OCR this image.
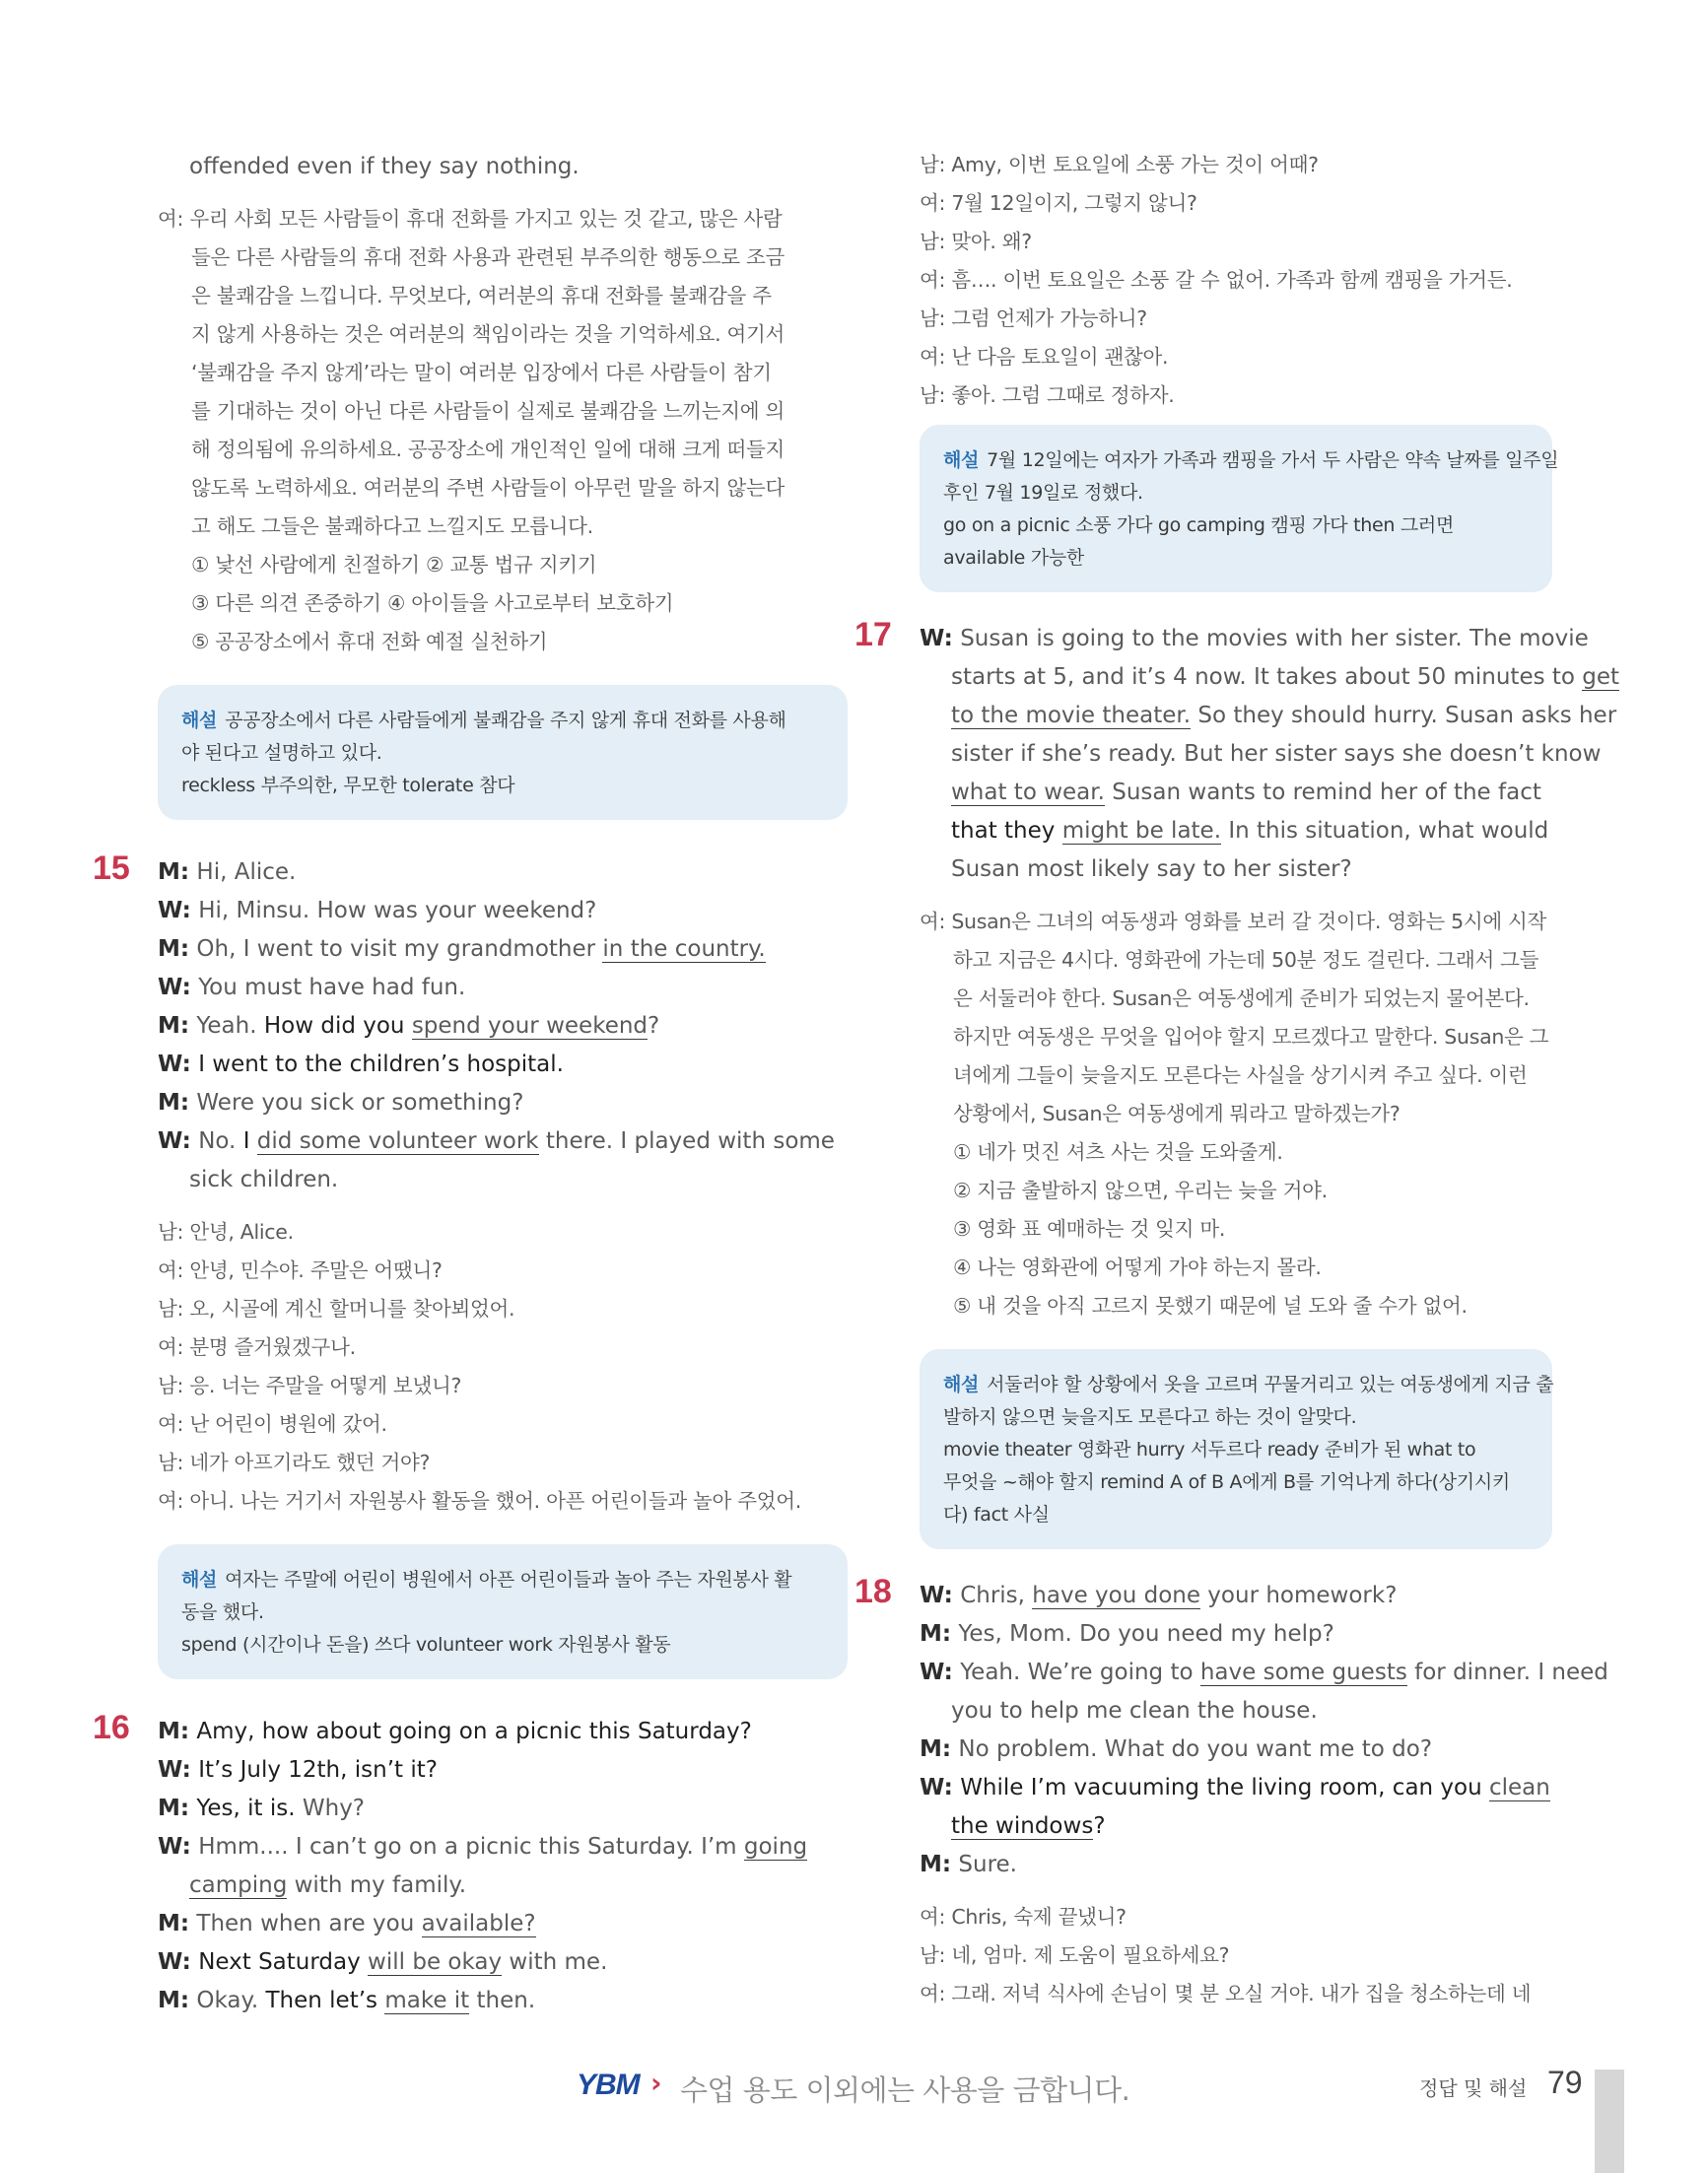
offended even if they say nothing.
여: 우리 사회 모든 사람들이 휴대 전화를 가지고 있는 것 같고, 많은 사람
들은 다른 사람들의 휴대 전화 사용과 관련된 부주의한 행동으로 조금
은 불쾌감을 느낍니다. 무엇보다, 여러분의 휴대 전화를 불쾌감을 주
지 않게 사용하는 것은 여러분의 책임이라는 것을 기억하세요. 여기서
‘불쾌감을 주지 않게’라는 말이 여러분 입장에서 다른 사람들이 참기
를 기대하는 것이 아닌 다른 사람들이 실제로 불쾌감을 느끼는지에 의
해 정의됨에 유의하세요. 공공장소에 개인적인 일에 대해 크게 떠들지
않도록 노력하세요. 여러분의 주변 사람들이 아무런 말을 하지 않는다
고 해도 그들은 불쾌하다고 느낄지도 모릅니다.
① 낯선 사람에게 친절하기 ② 교통 법규 지키기
③ 다른 의견 존중하기 ④ 아이들을 사고로부터 보호하기
⑤ 공공장소에서 휴대 전화 예절 실천하기
해설 공공장소에서 다른 사람들에게 불쾌감을 주지 않게 휴대 전화를 사용해
야 된다고 설명하고 있다.
reckless 부주의한, 무모한 tolerate 참다
15 M: Hi, Alice.
W: Hi, Minsu. How was your weekend?
M: Oh, I went to visit my grandmother in the country.
W: You must have had fun.
M: Yeah. How did you spend your weekend?
W: I went to the children’s hospital.
M: Were you sick or something?
W: No. I did some volunteer work there. I played with some
sick children.
남: 안녕, Alice.
여: 안녕, 민수야. 주말은 어땠니?
남: 오, 시골에 계신 할머니를 찾아뵈었어.
여: 분명 즐거웠겠구나.
남: 응. 너는 주말을 어떻게 보냈니?
여: 난 어린이 병원에 갔어.
남: 네가 아프기라도 했던 거야?
여: 아니. 나는 거기서 자원봉사 활동을 했어. 아픈 어린이들과 놀아 주었어.
해설 여자는 주말에 어린이 병원에서 아픈 어린이들과 놀아 주는 자원봉사 활
동을 했다.
spend (시간이나 돈을) 쓰다 volunteer work 자원봉사 활동
16 M: Amy, how about going on a picnic this Saturday?
W: It’s July 12th, isn’t it?
M: Yes, it is. Why?
W: Hmm.... I can’t go on a picnic this Saturday. I’m going
camping with my family.
M: Then when are you available?
W: Next Saturday will be okay with me.
M: Okay. Then let’s make it then.
남: Amy, 이번 토요일에 소풍 가는 것이 어때?
여: 7월 12일이지, 그렇지 않니?
남: 맞아. 왜?
여: 흠…. 이번 토요일은 소풍 갈 수 없어. 가족과 함께 캠핑을 가거든.
남: 그럼 언제가 가능하니?
여: 난 다음 토요일이 괜찮아.
남: 좋아. 그럼 그때로 정하자.
해설 7월 12일에는 여자가 가족과 캠핑을 가서 두 사람은 약속 날짜를 일주일
후인 7월 19일로 정했다.
go on a picnic 소풍 가다 go camping 캠핑 가다 then 그러면
available 가능한
17 W: Susan is going to the movies with her sister. The movie
starts at 5, and it’s 4 now. It takes about 50 minutes to get
to the movie theater. So they should hurry. Susan asks her
sister if she’s ready. But her sister says she doesn’t know
what to wear. Susan wants to remind her of the fact
that they might be late. In this situation, what would
Susan most likely say to her sister?
여: Susan은 그녀의 여동생과 영화를 보러 갈 것이다. 영화는 5시에 시작
하고 지금은 4시다. 영화관에 가는데 50분 정도 걸린다. 그래서 그들
은 서둘러야 한다. Susan은 여동생에게 준비가 되었는지 물어본다.
하지만 여동생은 무엇을 입어야 할지 모르겠다고 말한다. Susan은 그
녀에게 그들이 늦을지도 모른다는 사실을 상기시켜 주고 싶다. 이런
상황에서, Susan은 여동생에게 뭐라고 말하겠는가?
① 네가 멋진 셔츠 사는 것을 도와줄게.
② 지금 출발하지 않으면, 우리는 늦을 거야.
③ 영화 표 예매하는 것 잊지 마.
④ 나는 영화관에 어떻게 가야 하는지 몰라.
⑤ 내 것을 아직 고르지 못했기 때문에 널 도와 줄 수가 없어.
해설 서둘러야 할 상황에서 옷을 고르며 꾸물거리고 있는 여동생에게 지금 출
발하지 않으면 늦을지도 모른다고 하는 것이 알맞다.
movie theater 영화관 hurry 서두르다 ready 준비가 된 what to
무엇을 ~해야 할지 remind A of B A에게 B를 기억나게 하다(상기시키
다) fact 사실
18 W: Chris, have you done your homework?
M: Yes, Mom. Do you need my help?
W: Yeah. We’re going to have some guests for dinner. I need
you to help me clean the house.
M: No problem. What do you want me to do?
W: While I’m vacuuming the living room, can you clean
the windows?
M: Sure.
여: Chris, 숙제 끝냈니?
남: 네, 엄마. 제 도움이 필요하세요?
여: 그래. 저녁 식사에 손님이 몇 분 오실 거야. 내가 집을 청소하는데 네
YBM › 수업 용도 이외에는 사용을 금합니다.	정답 및 해설 79
